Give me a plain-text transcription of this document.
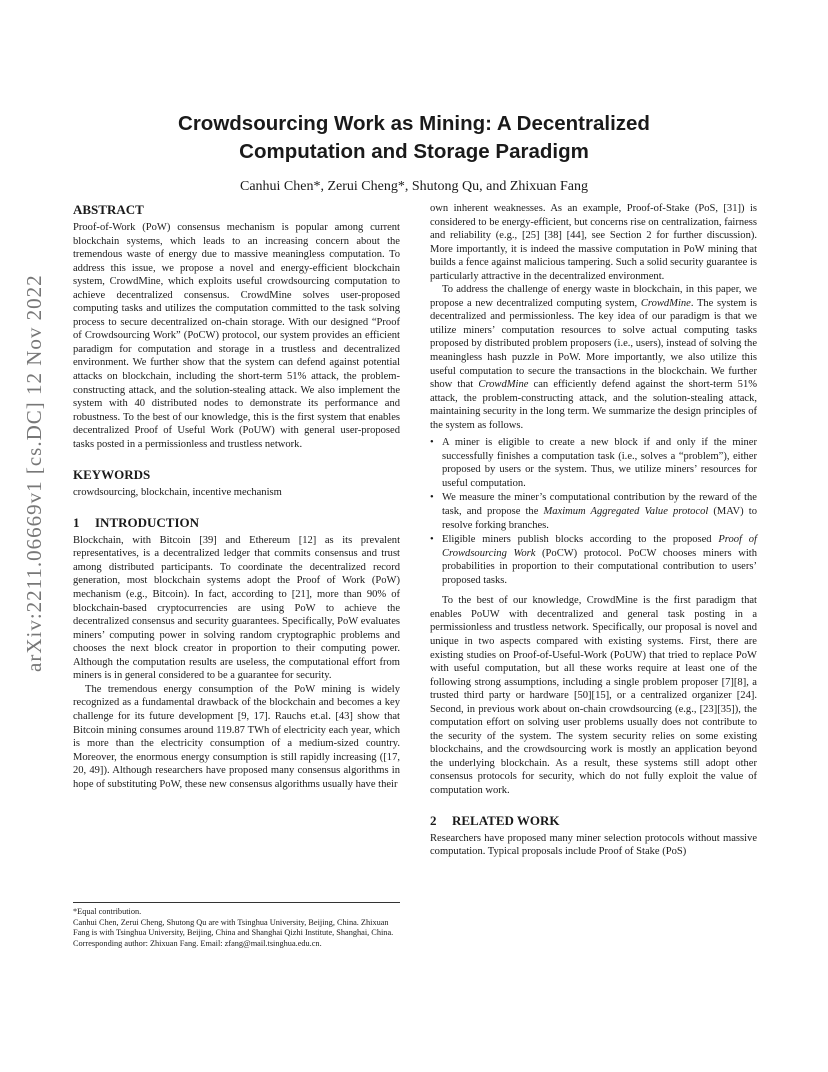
arXiv:2211.06669v1 [cs.DC] 12 Nov 2022
Crowdsourcing Work as Mining: A Decentralized
Computation and Storage Paradigm
Canhui Chen*, Zerui Cheng*, Shutong Qu, and Zhixuan Fang
ABSTRACT

Proof-of-Work (PoW) consensus mechanism is popular among current blockchain systems, which leads to an increasing concern about the tremendous waste of energy due to massive meaningless computation. To address this issue, we propose a novel and energy-efficient blockchain system, CrowdMine, which exploits useful crowdsourcing computation to achieve decentralized consensus. CrowdMine solves user-proposed computing tasks and utilizes the computation committed to the task solving process to secure decentralized on-chain storage. With our designed “Proof of Crowdsourcing Work” (PoCW) protocol, our system provides an efficient paradigm for computation and storage in a trustless and decentralized environment. We further show that the system can defend against potential attacks on blockchain, including the short-term 51% attack, the problem-constructing attack, and the solution-stealing attack. We also implement the system with 40 distributed nodes to demonstrate its performance and robustness. To the best of our knowledge, this is the first system that enables decentralized Proof of Useful Work (PoUW) with general user-proposed tasks posted in a permissionless and trustless network.

KEYWORDS

crowdsourcing, blockchain, incentive mechanism

1 INTRODUCTION

Blockchain, with Bitcoin [39] and Ethereum [12] as its prevalent representatives, is a decentralized ledger that commits consensus and trust among distributed participants. To coordinate the decentralized record generation, most blockchain systems adopt the Proof of Work (PoW) mechanism (e.g., Bitcoin). In fact, according to [21], more than 90% of blockchain-based cryptocurrencies are using PoW to achieve the decentralized consensus and security guarantees. Specifically, PoW evaluates miners’ computing power in solving random cryptographic problems and chooses the next block creator in proportion to their computing power. Although the computation results are useless, the computational effort from miners is in general considered to be a guarantee for security.

The tremendous energy consumption of the PoW mining is widely recognized as a fundamental drawback of the blockchain and becomes a key challenge for its future development [9, 17]. Rauchs et.al. [43] show that Bitcoin mining consumes around 119.87 TWh of electricity each year, which is more than the electricity consumption of a medium-sized country. Moreover, the enormous energy consumption is still rapidly increasing ([17, 20, 49]). Although researchers have proposed many consensus algorithms in hope of substituting PoW, these new consensus algorithms usually have their

*Equal contribution.

Canhui Chen, Zerui Cheng, Shutong Qu are with Tsinghua University, Beijing, China. Zhixuan Fang is with Tsinghua University, Beijing, China and Shanghai Qizhi Institute, Shanghai, China.

Corresponding author: Zhixuan Fang. Email: zfang@mail.tsinghua.edu.cn.

own inherent weaknesses. As an example, Proof-of-Stake (PoS, [31]) is considered to be energy-efficient, but concerns rise on centralization, fairness and reliability (e.g., [25] [38] [44], see Section 2 for further discussion). More importantly, it is indeed the massive computation in PoW mining that builds a fence against malicious tampering. Such a solid security guarantee is particularly attractive in the decentralized environment.

To address the challenge of energy waste in blockchain, in this paper, we propose a new decentralized computing system, CrowdMine. The system is decentralized and permissionless. The key idea of our paradigm is that we utilize miners’ computation resources to solve actual computing tasks proposed by distributed problem proposers (i.e., users), instead of solving the meaningless hash puzzle in PoW. More importantly, we also utilize this useful computation to secure the transactions in the blockchain. We further show that CrowdMine can efficiently defend against the short-term 51% attack, the problem-constructing attack, and the solution-stealing attack, maintaining security in the long term. We summarize the design principles of the system as follows.

• A miner is eligible to create a new block if and only if the miner successfully finishes a computation task (i.e., solves a “problem”), either proposed by users or the system. Thus, we utilize miners’ resources for useful computation.
• We measure the miner’s computational contribution by the reward of the task, and propose the Maximum Aggregated Value protocol (MAV) to resolve forking branches.
• Eligible miners publish blocks according to the proposed Proof of Crowdsourcing Work (PoCW) protocol. PoCW chooses miners with probabilities in proportion to their computational contribution to users’ proposed tasks.

To the best of our knowledge, CrowdMine is the first paradigm that enables PoUW with decentralized and general task posting in a permissionless and trustless network. Specifically, our proposal is novel and unique in two aspects compared with existing systems. First, there are existing studies on Proof-of-Useful-Work (PoUW) that tried to replace PoW with useful computation, but all these works require at least one of the following strong assumptions, including a single problem proposer [7][8], a trusted third party or hardware [50][15], or a centralized organizer [24]. Second, in previous work about on-chain crowdsourcing (e.g., [23][35]), the computation effort on solving user problems usually does not contribute to the security of the system. The system security relies on some existing blockchains, and the crowdsourcing work is mostly an application beyond the underlying blockchain. As a result, these systems still adopt other consensus protocols for security, which do not fully exploit the value of computation work.

2 RELATED WORK

Researchers have proposed many miner selection protocols without massive computation. Typical proposals include Proof of Stake (PoS)
